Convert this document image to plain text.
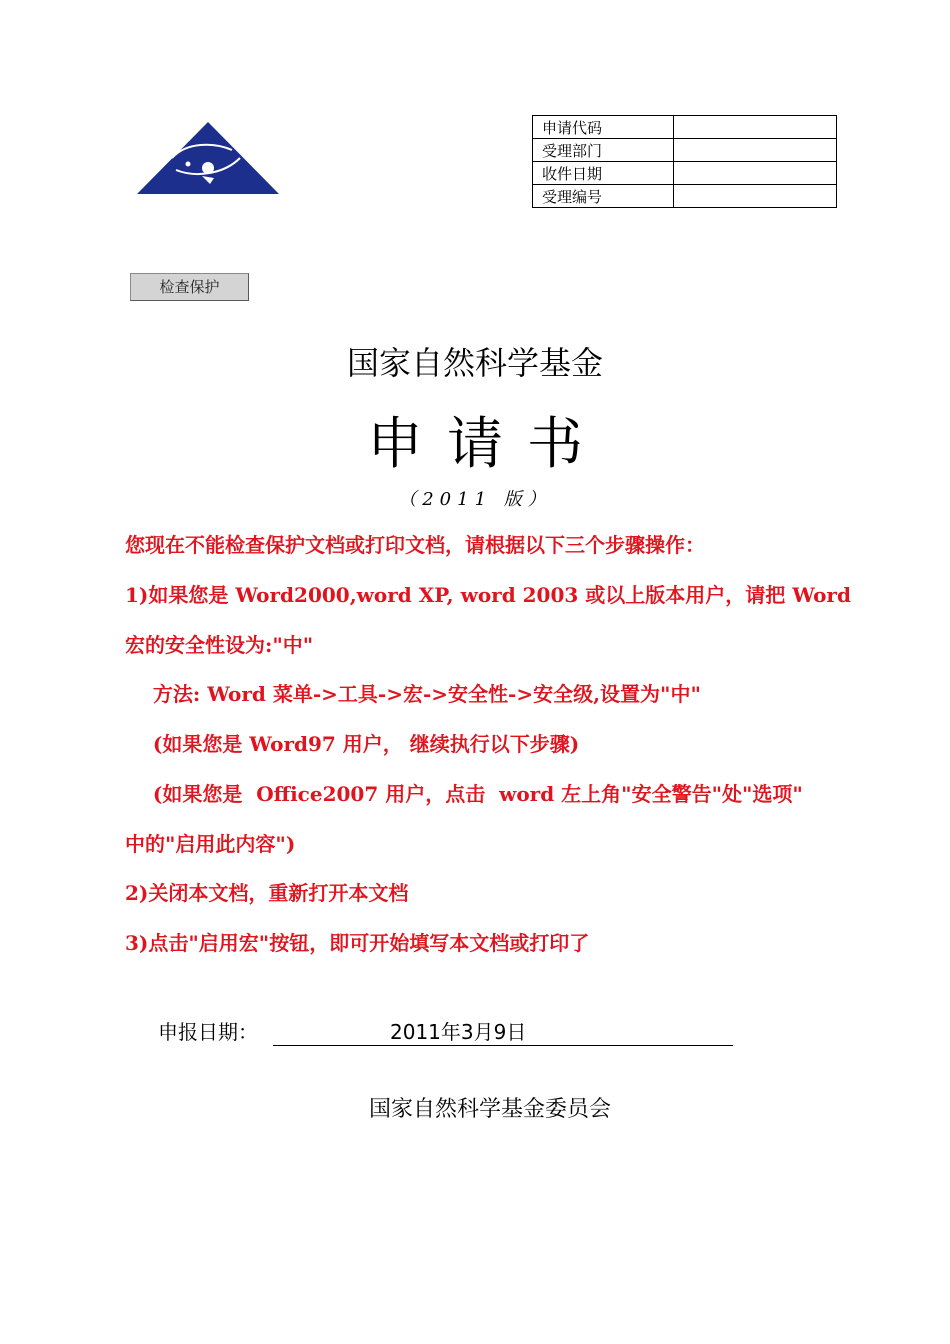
申请代码	
受理部门	
收件日期	
受理编号	
检查保护
国家自然科学基金
申请书
（2011 版）
您现在不能检查保护文档或打印文档，请根据以下三个步骤操作：
1)如果您是 Word2000,word XP, word 2003 或以上版本用户，请把 Word
宏的安全性设为:"中"
方法: Word 菜单->工具->宏->安全性->安全级,设置为"中"
(如果您是 Word97 用户， 继续执行以下步骤)
(如果您是  Office2007 用户，点击  word 左上角"安全警告"处"选项"
中的"启用此内容")
2)关闭本文档，重新打开本文档
3)点击"启用宏"按钮，即可开始填写本文档或打印了
申报日期：	2011年3月9日
国家自然科学基金委员会
